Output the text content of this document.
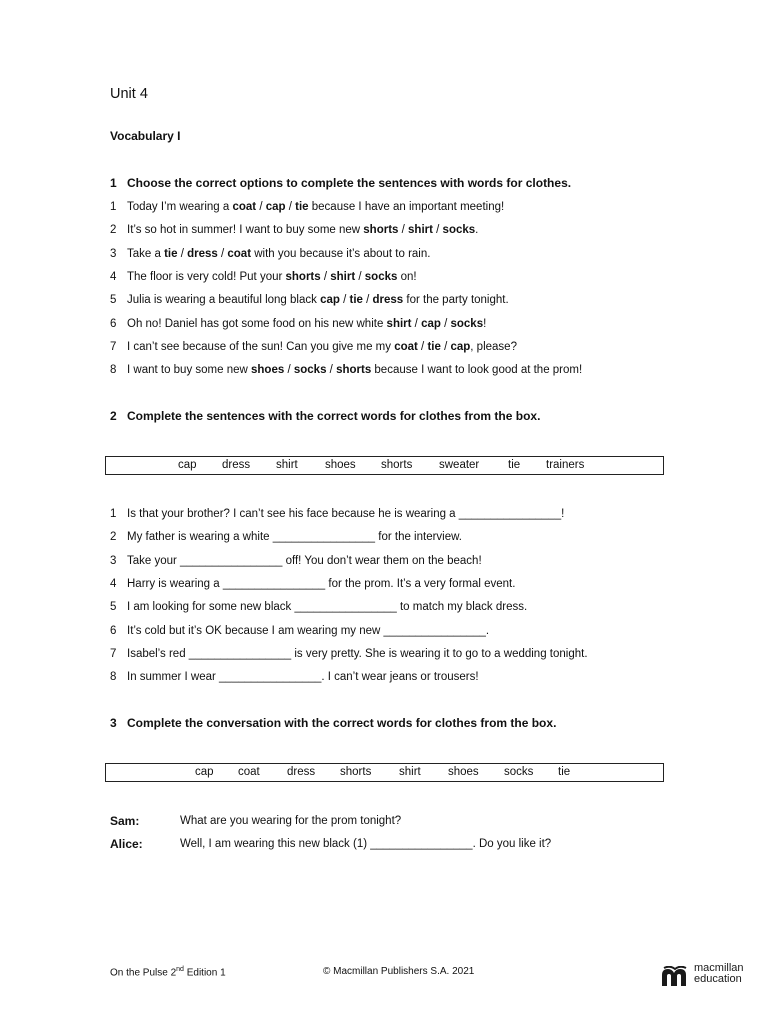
Unit 4
Vocabulary I
1 Choose the correct options to complete the sentences with words for clothes.
1 Today I’m wearing a coat / cap / tie because I have an important meeting!
2 It’s so hot in summer! I want to buy some new shorts / shirt / socks.
3 Take a tie / dress / coat with you because it’s about to rain.
4 The floor is very cold! Put your shorts / shirt / socks on!
5 Julia is wearing a beautiful long black cap / tie / dress for the party tonight.
6 Oh no! Daniel has got some food on his new white shirt / cap / socks!
7 I can’t see because of the sun! Can you give me my coat / tie / cap, please?
8 I want to buy some new shoes / socks / shorts because I want to look good at the prom!
2 Complete the sentences with the correct words for clothes from the box.
cap dress shirt shoes shorts sweater tie trainers
1 Is that your brother? I can’t see his face because he is wearing a ________________!
2 My father is wearing a white ________________ for the interview.
3 Take your ________________ off! You don’t wear them on the beach!
4 Harry is wearing a ________________ for the prom. It’s a very formal event.
5 I am looking for some new black ________________ to match my black dress.
6 It’s cold but it’s OK because I am wearing my new ________________.
7 Isabel’s red ________________ is very pretty. She is wearing it to go to a wedding tonight.
8 In summer I wear ________________. I can’t wear jeans or trousers!
3 Complete the conversation with the correct words for clothes from the box.
cap coat dress shorts shirt shoes socks tie
Sam:	What are you wearing for the prom tonight?
Alice:	Well, I am wearing this new black (1) ________________. Do you like it?
On the Pulse 2nd Edition 1	© Macmillan Publishers S.A. 2021	macmillan
education
